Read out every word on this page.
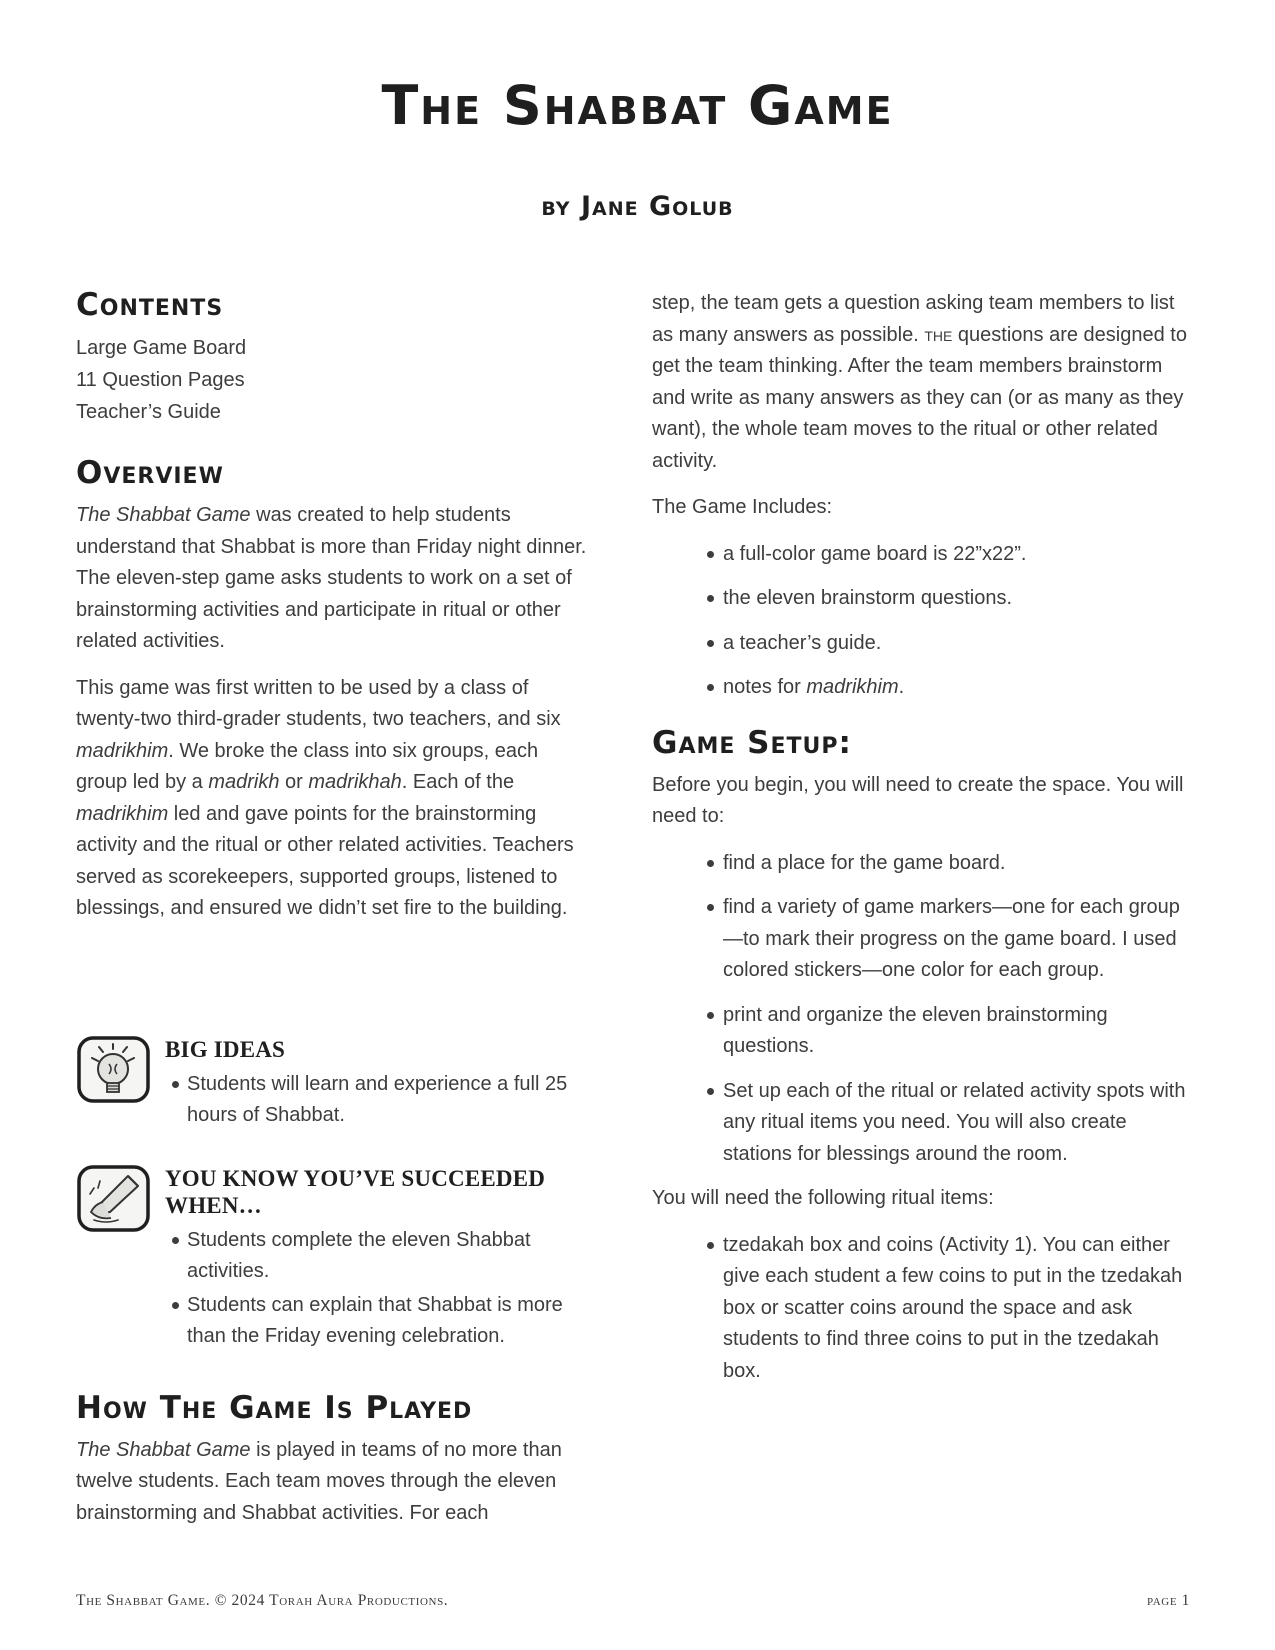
The Shabbat Game
by Jane Golub
Contents
Large Game Board
11 Question Pages
Teacher’s Guide
Overview

The Shabbat Game was created to help students understand that Shabbat is more than Friday night dinner. The eleven-step game asks students to work on a set of brainstorming activities and participate in ritual or other related activities.

This game was first written to be used by a class of twenty-two third-grader students, two teachers, and six madrikhim. We broke the class into six groups, each group led by a madrikh or madrikhah. Each of the madrikhim led and gave points for the brainstorming activity and the ritual or other related activities. Teachers served as scorekeepers, supported groups, listened to blessings, and ensured we didn’t set fire to the building.

BIG IDEAS
Students will learn and experience a full 25 hours of Shabbat.
YOU KNOW YOU’VE SUCCEEDED WHEN…
Students complete the eleven Shabbat activities.
Students can explain that Shabbat is more than the Friday evening celebration.
How The Game Is Played

The Shabbat Game is played in teams of no more than twelve students. Each team moves through the eleven brainstorming and Shabbat activities. For each

step, the team gets a question asking team members to list as many answers as possible. the questions are designed to get the team thinking. After the team members brainstorm and write as many answers as they can (or as many as they want), the whole team moves to the ritual or other related activity.

The Game Includes:

a full-color game board is 22”x22”.
the eleven brainstorm questions.
a teacher’s guide.
notes for madrikhim.
Game Setup:

Before you begin, you will need to create the space. You will need to:

find a place for the game board.
find a variety of game markers—one for each group—to mark their progress on the game board. I used colored stickers—one color for each group.
print and organize the eleven brainstorming questions.
Set up each of the ritual or related activity spots with any ritual items you need. You will also create stations for blessings around the room.

You will need the following ritual items:

tzedakah box and coins (Activity 1). You can either give each student a few coins to put in the tzedakah box or scatter coins around the space and ask students to find three coins to put in the tzedakah box.
The Shabbat Game. © 2024 Torah Aura Productions.	page 1
